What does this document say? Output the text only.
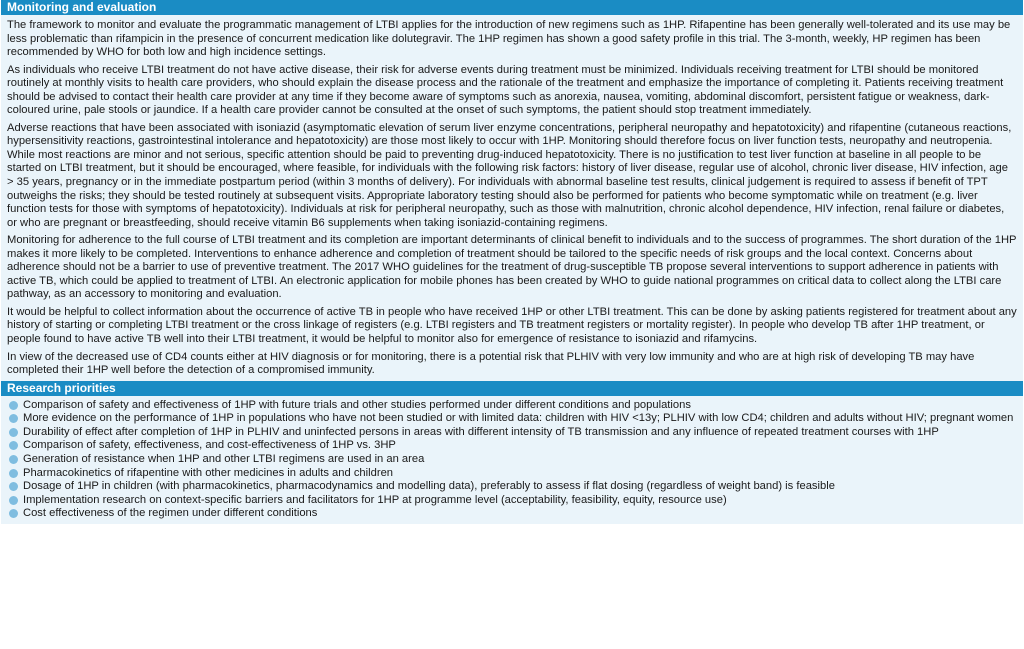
Monitoring and evaluation

The framework to monitor and evaluate the programmatic management of LTBI applies for the introduction of new regimens such as 1HP. Rifapentine has been generally well-tolerated and its use may be less problematic than rifampicin in the presence of concurrent medication like dolutegravir. The 1HP regimen has shown a good safety profile in this trial. The 3-month, weekly, HP regimen has been recommended by WHO for both low and high incidence settings.

As individuals who receive LTBI treatment do not have active disease, their risk for adverse events during treatment must be minimized. Individuals receiving treatment for LTBI should be monitored routinely at monthly visits to health care providers, who should explain the disease process and the rationale of the treatment and emphasize the importance of completing it. Patients receiving treatment should be advised to contact their health care provider at any time if they become aware of symptoms such as anorexia, nausea, vomiting, abdominal discomfort, persistent fatigue or weakness, dark-coloured urine, pale stools or jaundice. If a health care provider cannot be consulted at the onset of such symptoms, the patient should stop treatment immediately.

Adverse reactions that have been associated with isoniazid (asymptomatic elevation of serum liver enzyme concentrations, peripheral neuropathy and hepatotoxicity) and rifapentine (cutaneous reactions, hypersensitivity reactions, gastrointestinal intolerance and hepatotoxicity) are those most likely to occur with 1HP. Monitoring should therefore focus on liver function tests, neuropathy and neutropenia. While most reactions are minor and not serious, specific attention should be paid to preventing drug-induced hepatotoxicity. There is no justification to test liver function at baseline in all people to be started on LTBI treatment, but it should be encouraged, where feasible, for individuals with the following risk factors: history of liver disease, regular use of alcohol, chronic liver disease, HIV infection, age > 35 years, pregnancy or in the immediate postpartum period (within 3 months of delivery). For individuals with abnormal baseline test results, clinical judgement is required to assess if benefit of TPT outweighs the risks; they should be tested routinely at subsequent visits. Appropriate laboratory testing should also be performed for patients who become symptomatic while on treatment (e.g. liver function tests for those with symptoms of hepatotoxicity). Individuals at risk for peripheral neuropathy, such as those with malnutrition, chronic alcohol dependence, HIV infection, renal failure or diabetes, or who are pregnant or breastfeeding, should receive vitamin B6 supplements when taking isoniazid-containing regimens.

Monitoring for adherence to the full course of LTBI treatment and its completion are important determinants of clinical benefit to individuals and to the success of programmes. The short duration of the 1HP makes it more likely to be completed. Interventions to enhance adherence and completion of treatment should be tailored to the specific needs of risk groups and the local context. Concerns about adherence should not be a barrier to use of preventive treatment. The 2017 WHO guidelines for the treatment of drug-susceptible TB propose several interventions to support adherence in patients with active TB, which could be applied to treatment of LTBI. An electronic application for mobile phones has been created by WHO to guide national programmes on critical data to collect along the LTBI care pathway, as an accessory to monitoring and evaluation.

It would be helpful to collect information about the occurrence of active TB in people who have received 1HP or other LTBI treatment. This can be done by asking patients registered for treatment about any history of starting or completing LTBI treatment or the cross linkage of registers (e.g. LTBI registers and TB treatment registers or mortality register). In people who develop TB after 1HP treatment, or people found to have active TB well into their LTBI treatment, it would be helpful to monitor also for emergence of resistance to isoniazid and rifamycins.

In view of the decreased use of CD4 counts either at HIV diagnosis or for monitoring, there is a potential risk that PLHIV with very low immunity and who are at high risk of developing TB may have completed their 1HP well before the detection of a compromised immunity.

Research priorities
Comparison of safety and effectiveness of 1HP with future trials and other studies performed under different conditions and populations
More evidence on the performance of 1HP in populations who have not been studied or with limited data: children with HIV <13y; PLHIV with low CD4; children and adults without HIV; pregnant women
Durability of effect after completion of 1HP in PLHIV and uninfected persons in areas with different intensity of TB transmission and any influence of repeated treatment courses with 1HP
Comparison of safety, effectiveness, and cost-effectiveness of 1HP vs. 3HP
Generation of resistance when 1HP and other LTBI regimens are used in an area
Pharmacokinetics of rifapentine with other medicines in adults and children
Dosage of 1HP in children (with pharmacokinetics, pharmacodynamics and modelling data), preferably to assess if flat dosing (regardless of weight band) is feasible
Implementation research on context-specific barriers and facilitators for 1HP at programme level (acceptability, feasibility, equity, resource use)
Cost effectiveness of the regimen under different conditions
